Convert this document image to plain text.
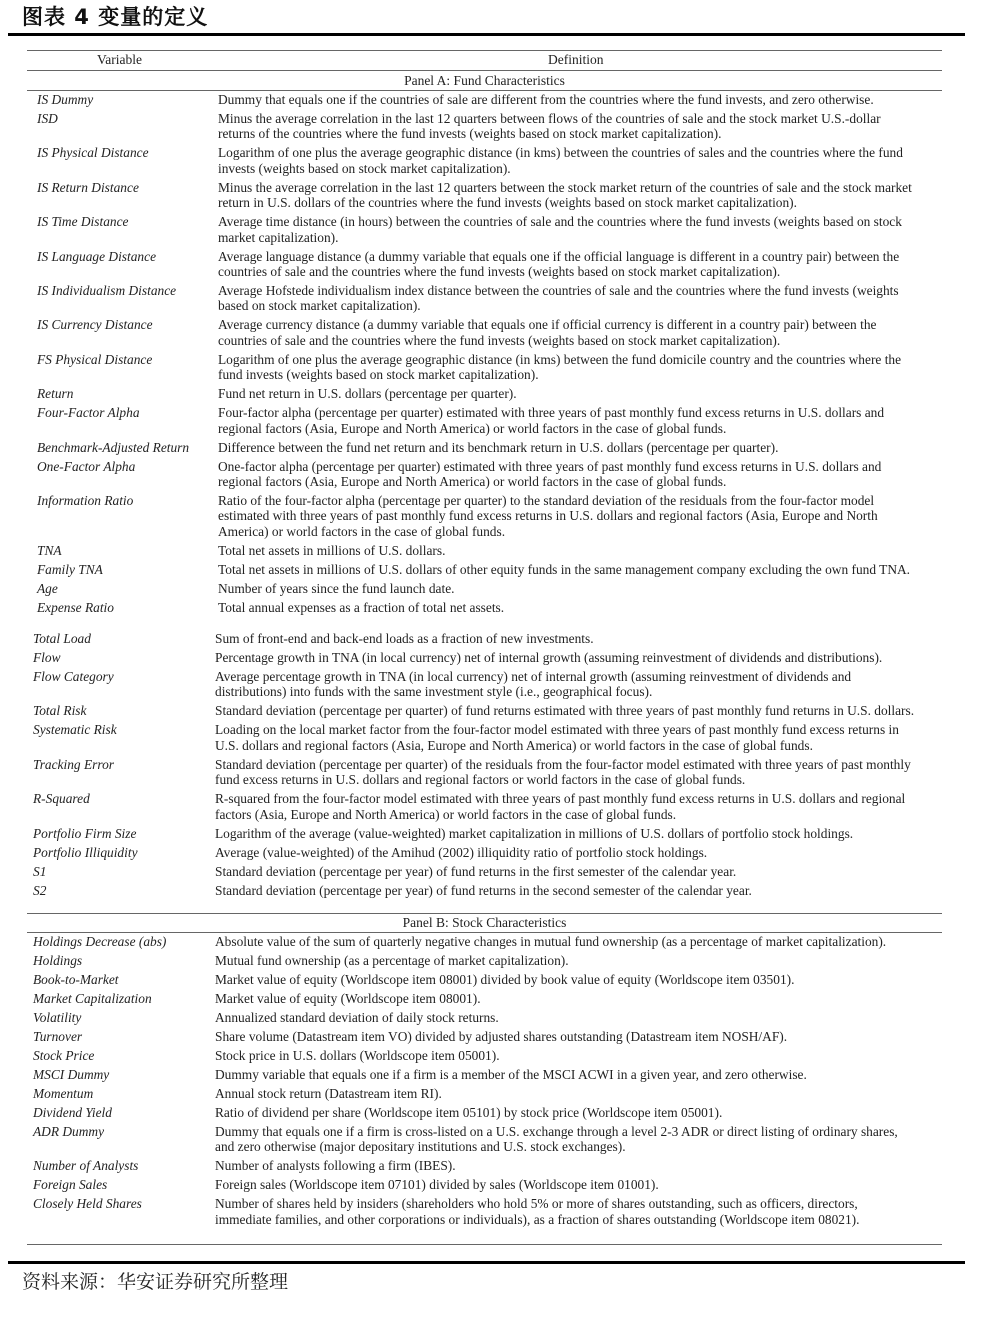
图表 4 变量的定义
Variable	Definition
Panel A: Fund Characteristics
IS Dummy	Dummy that equals one if the countries of sale are different from the countries where the fund invests, and zero otherwise.
ISD	Minus the average correlation in the last 12 quarters between flows of the countries of sale and the stock market U.S.-dollar
returns of the countries where the fund invests (weights based on stock market capitalization).
IS Physical Distance	Logarithm of one plus the average geographic distance (in kms) between the countries of sales and the countries where the fund
invests (weights based on stock market capitalization).
IS Return Distance	Minus the average correlation in the last 12 quarters between the stock market return of the countries of sale and the stock market
return in U.S. dollars of the countries where the fund invests (weights based on stock market capitalization).
IS Time Distance	Average time distance (in hours) between the countries of sale and the countries where the fund invests (weights based on stock
market capitalization).
IS Language Distance	Average language distance (a dummy variable that equals one if the official language is different in a country pair) between the
countries of sale and the countries where the fund invests (weights based on stock market capitalization).
IS Individualism Distance	Average Hofstede individualism index distance between the countries of sale and the countries where the fund invests (weights
based on stock market capitalization).
IS Currency Distance	Average currency distance (a dummy variable that equals one if official currency is different in a country pair) between the
countries of sale and the countries where the fund invests (weights based on stock market capitalization).
FS Physical Distance	Logarithm of one plus the average geographic distance (in kms) between the fund domicile country and the countries where the
fund invests (weights based on stock market capitalization).
Return	Fund net return in U.S. dollars (percentage per quarter).
Four-Factor Alpha	Four-factor alpha (percentage per quarter) estimated with three years of past monthly fund excess returns in U.S. dollars and
regional factors (Asia, Europe and North America) or world factors in the case of global funds.
Benchmark-Adjusted Return	Difference between the fund net return and its benchmark return in U.S. dollars (percentage per quarter).
One-Factor Alpha	One-factor alpha (percentage per quarter) estimated with three years of past monthly fund excess returns in U.S. dollars and
regional factors (Asia, Europe and North America) or world factors in the case of global funds.
Information Ratio	Ratio of the four-factor alpha (percentage per quarter) to the standard deviation of the residuals from the four-factor model
estimated with three years of past monthly fund excess returns in U.S. dollars and regional factors (Asia, Europe and North
America) or world factors in the case of global funds.
TNA	Total net assets in millions of U.S. dollars.
Family TNA	Total net assets in millions of U.S. dollars of other equity funds in the same management company excluding the own fund TNA.
Age	Number of years since the fund launch date.
Expense Ratio	Total annual expenses as a fraction of total net assets.
Total Load	Sum of front-end and back-end loads as a fraction of new investments.
Flow	Percentage growth in TNA (in local currency) net of internal growth (assuming reinvestment of dividends and distributions).
Flow Category	Average percentage growth in TNA (in local currency) net of internal growth (assuming reinvestment of dividends and
distributions) into funds with the same investment style (i.e., geographical focus).
Total Risk	Standard deviation (percentage per quarter) of fund returns estimated with three years of past monthly fund returns in U.S. dollars.
Systematic Risk	Loading on the local market factor from the four-factor model estimated with three years of past monthly fund excess returns in
U.S. dollars and regional factors (Asia, Europe and North America) or world factors in the case of global funds.
Tracking Error	Standard deviation (percentage per quarter) of the residuals from the four-factor model estimated with three years of past monthly
fund excess returns in U.S. dollars and regional factors or world factors in the case of global funds.
R-Squared	R-squared from the four-factor model estimated with three years of past monthly fund excess returns in U.S. dollars and regional
factors (Asia, Europe and North America) or world factors in the case of global funds.
Portfolio Firm Size	Logarithm of the average (value-weighted) market capitalization in millions of U.S. dollars of portfolio stock holdings.
Portfolio Illiquidity	Average (value-weighted) of the Amihud (2002) illiquidity ratio of portfolio stock holdings.
S1	Standard deviation (percentage per year) of fund returns in the first semester of the calendar year.
S2	Standard deviation (percentage per year) of fund returns in the second semester of the calendar year.
Panel B: Stock Characteristics
Holdings Decrease (abs)	Absolute value of the sum of quarterly negative changes in mutual fund ownership (as a percentage of market capitalization).
Holdings	Mutual fund ownership (as a percentage of market capitalization).
Book-to-Market	Market value of equity (Worldscope item 08001) divided by book value of equity (Worldscope item 03501).
Market Capitalization	Market value of equity (Worldscope item 08001).
Volatility	Annualized standard deviation of daily stock returns.
Turnover	Share volume (Datastream item VO) divided by adjusted shares outstanding (Datastream item NOSH/AF).
Stock Price	Stock price in U.S. dollars (Worldscope item 05001).
MSCI Dummy	Dummy variable that equals one if a firm is a member of the MSCI ACWI in a given year, and zero otherwise.
Momentum	Annual stock return (Datastream item RI).
Dividend Yield	Ratio of dividend per share (Worldscope item 05101) by stock price (Worldscope item 05001).
ADR Dummy	Dummy that equals one if a firm is cross-listed on a U.S. exchange through a level 2-3 ADR or direct listing of ordinary shares,
and zero otherwise (major depositary institutions and U.S. stock exchanges).
Number of Analysts	Number of analysts following a firm (IBES).
Foreign Sales	Foreign sales (Worldscope item 07101) divided by sales (Worldscope item 01001).
Closely Held Shares	Number of shares held by insiders (shareholders who hold 5% or more of shares outstanding, such as officers, directors,
immediate families, and other corporations or individuals), as a fraction of shares outstanding (Worldscope item 08021).
资料来源：华安证券研究所整理
